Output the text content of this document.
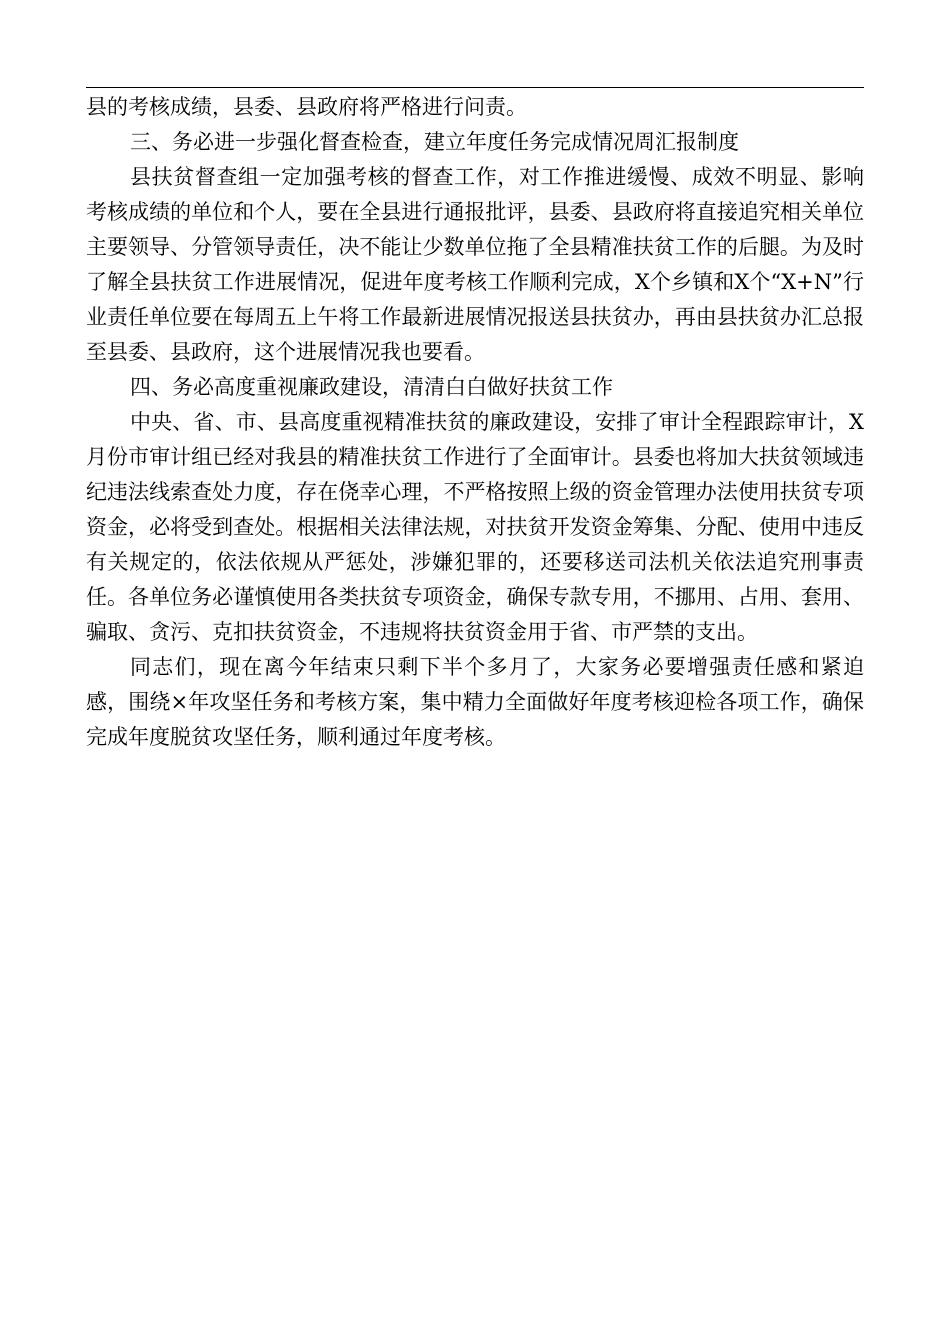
县的考核成绩，县委、县政府将严格进行问责。

三、务必进一步强化督查检查，建立年度任务完成情况周汇报制度

县扶贫督查组一定加强考核的督查工作，对工作推进缓慢、成效不明显、影响考核成绩的单位和个人，要在全县进行通报批评，县委、县政府将直接追究相关单位主要领导、分管领导责任，决不能让少数单位拖了全县精准扶贫工作的后腿。为及时了解全县扶贫工作进展情况，促进年度考核工作顺利完成，X个乡镇和X个“X+N”行业责任单位要在每周五上午将工作最新进展情况报送县扶贫办，再由县扶贫办汇总报至县委、县政府，这个进展情况我也要看。

四、务必高度重视廉政建设，清清白白做好扶贫工作

中央、省、市、县高度重视精准扶贫的廉政建设，安排了审计全程跟踪审计，X月份市审计组已经对我县的精准扶贫工作进行了全面审计。县委也将加大扶贫领域违纪违法线索查处力度，存在侥幸心理，不严格按照上级的资金管理办法使用扶贫专项资金，必将受到查处。根据相关法律法规，对扶贫开发资金筹集、分配、使用中违反有关规定的，依法依规从严惩处，涉嫌犯罪的，还要移送司法机关依法追究刑事责任。各单位务必谨慎使用各类扶贫专项资金，确保专款专用，不挪用、占用、套用、骗取、贪污、克扣扶贫资金，不违规将扶贫资金用于省、市严禁的支出。

同志们，现在离今年结束只剩下半个多月了，大家务必要增强责任感和紧迫感，围绕×年攻坚任务和考核方案，集中精力全面做好年度考核迎检各项工作，确保完成年度脱贫攻坚任务，顺利通过年度考核。
